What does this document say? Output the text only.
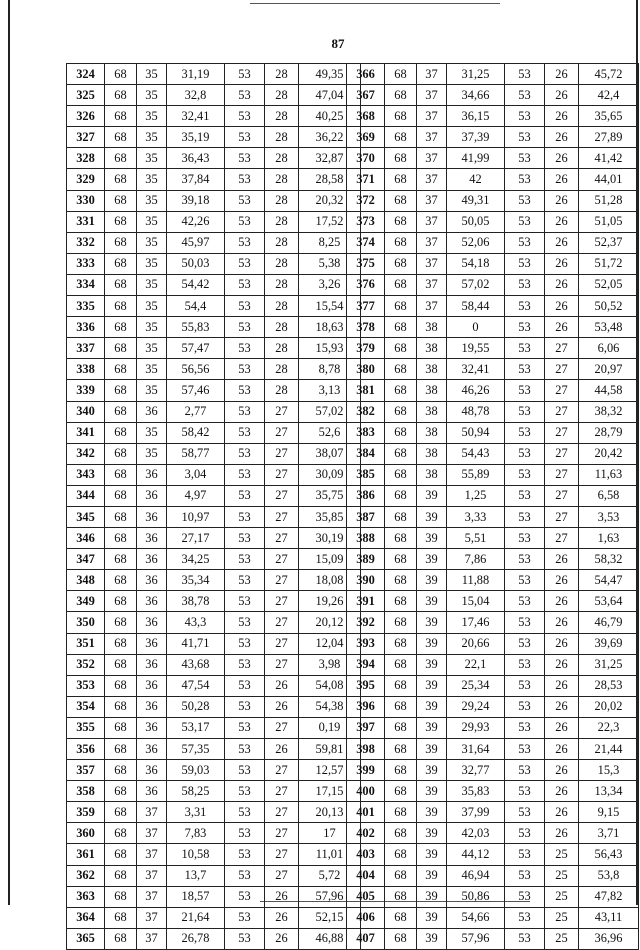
87
324	68	35	31,19	53	28	49,35
325	68	35	32,8	53	28	47,04
326	68	35	32,41	53	28	40,25
327	68	35	35,19	53	28	36,22
328	68	35	36,43	53	28	32,87
329	68	35	37,84	53	28	28,58
330	68	35	39,18	53	28	20,32
331	68	35	42,26	53	28	17,52
332	68	35	45,97	53	28	8,25
333	68	35	50,03	53	28	5,38
334	68	35	54,42	53	28	3,26
335	68	35	54,4	53	28	15,54
336	68	35	55,83	53	28	18,63
337	68	35	57,47	53	28	15,93
338	68	35	56,56	53	28	8,78
339	68	35	57,46	53	28	3,13
340	68	36	2,77	53	27	57,02
341	68	35	58,42	53	27	52,6
342	68	35	58,77	53	27	38,07
343	68	36	3,04	53	27	30,09
344	68	36	4,97	53	27	35,75
345	68	36	10,97	53	27	35,85
346	68	36	27,17	53	27	30,19
347	68	36	34,25	53	27	15,09
348	68	36	35,34	53	27	18,08
349	68	36	38,78	53	27	19,26
350	68	36	43,3	53	27	20,12
351	68	36	41,71	53	27	12,04
352	68	36	43,68	53	27	3,98
353	68	36	47,54	53	26	54,08
354	68	36	50,28	53	26	54,38
355	68	36	53,17	53	27	0,19
356	68	36	57,35	53	26	59,81
357	68	36	59,03	53	27	12,57
358	68	36	58,25	53	27	17,15
359	68	37	3,31	53	27	20,13
360	68	37	7,83	53	27	17
361	68	37	10,58	53	27	11,01
362	68	37	13,7	53	27	5,72
363	68	37	18,57	53	26	57,96
364	68	37	21,64	53	26	52,15
365	68	37	26,78	53	26	46,88
366	68	37	31,25	53	26	45,72
367	68	37	34,66	53	26	42,4
368	68	37	36,15	53	26	35,65
369	68	37	37,39	53	26	27,89
370	68	37	41,99	53	26	41,42
371	68	37	42	53	26	44,01
372	68	37	49,31	53	26	51,28
373	68	37	50,05	53	26	51,05
374	68	37	52,06	53	26	52,37
375	68	37	54,18	53	26	51,72
376	68	37	57,02	53	26	52,05
377	68	37	58,44	53	26	50,52
378	68	38	0	53	26	53,48
379	68	38	19,55	53	27	6,06
380	68	38	32,41	53	27	20,97
381	68	38	46,26	53	27	44,58
382	68	38	48,78	53	27	38,32
383	68	38	50,94	53	27	28,79
384	68	38	54,43	53	27	20,42
385	68	38	55,89	53	27	11,63
386	68	39	1,25	53	27	6,58
387	68	39	3,33	53	27	3,53
388	68	39	5,51	53	27	1,63
389	68	39	7,86	53	26	58,32
390	68	39	11,88	53	26	54,47
391	68	39	15,04	53	26	53,64
392	68	39	17,46	53	26	46,79
393	68	39	20,66	53	26	39,69
394	68	39	22,1	53	26	31,25
395	68	39	25,34	53	26	28,53
396	68	39	29,24	53	26	20,02
397	68	39	29,93	53	26	22,3
398	68	39	31,64	53	26	21,44
399	68	39	32,77	53	26	15,3
400	68	39	35,83	53	26	13,34
401	68	39	37,99	53	26	9,15
402	68	39	42,03	53	26	3,71
403	68	39	44,12	53	25	56,43
404	68	39	46,94	53	25	53,8
405	68	39	50,86	53	25	47,82
406	68	39	54,66	53	25	43,11
407	68	39	57,96	53	25	36,96
